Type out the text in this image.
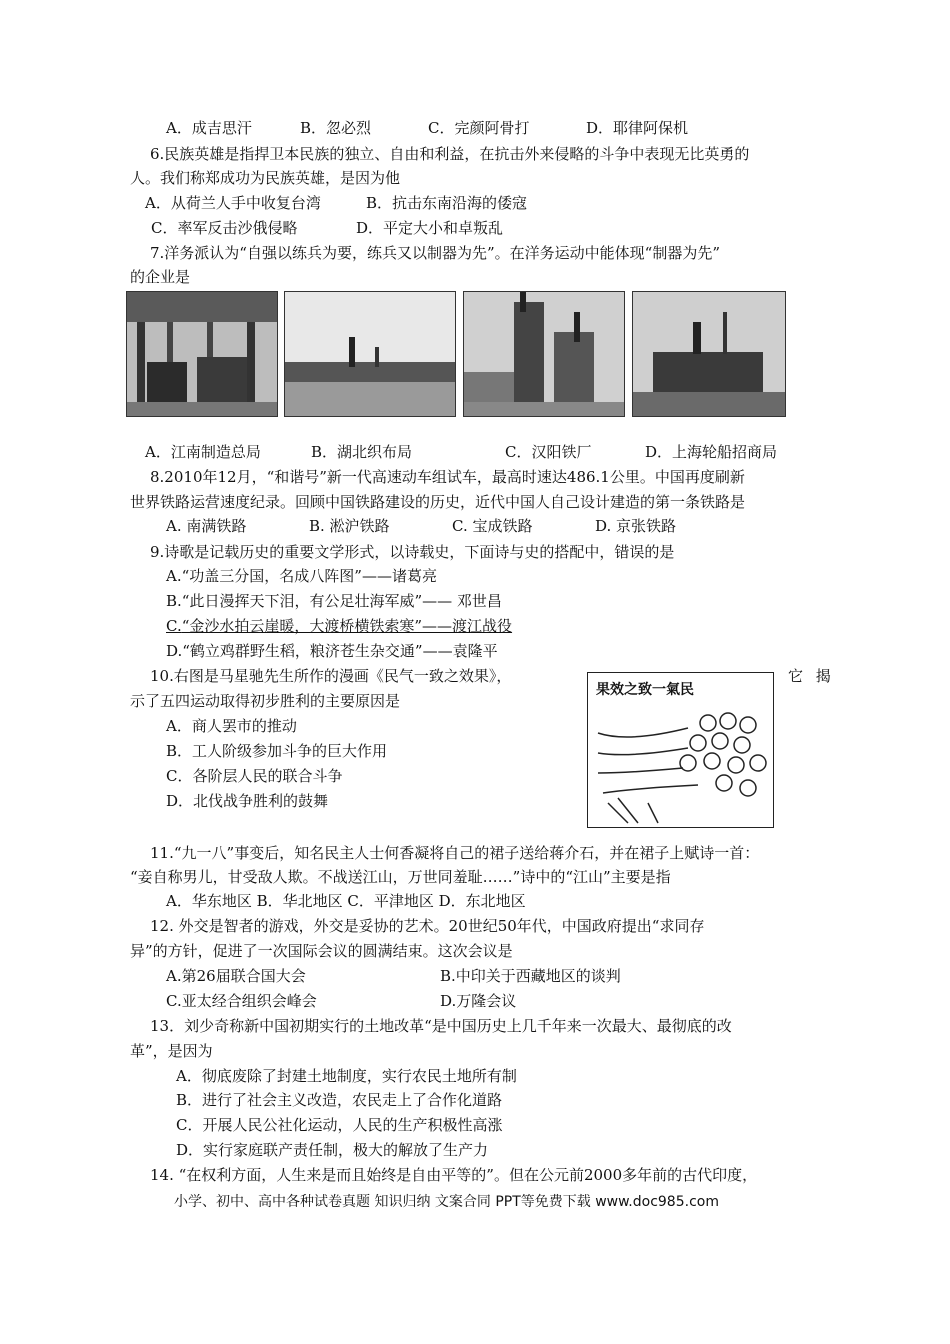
A．成吉思汗	B．忽必烈	C．完颜阿骨打	D．耶律阿保机
6.民族英雄是指捍卫本民族的独立、自由和利益，在抗击外来侵略的斗争中表现无比英勇的
人。我们称郑成功为民族英雄，是因为他
A．从荷兰人手中收复台湾	B．抗击东南沿海的倭寇
C．率军反击沙俄侵略	D．平定大小和卓叛乱
7.洋务派认为“自强以练兵为要，练兵又以制器为先”。在洋务运动中能体现“制器为先”
的企业是
A．江南制造总局	B．湖北织布局	C．汉阳铁厂	D．上海轮船招商局
8.2010年12月，“和谐号”新一代高速动车组试车，最高时速达486.1公里。中国再度刷新
世界铁路运营速度纪录。回顾中国铁路建设的历史，近代中国人自己设计建造的第一条铁路是
A. 南满铁路	B. 淞沪铁路	C. 宝成铁路	D. 京张铁路
9.诗歌是记载历史的重要文学形式，以诗载史，下面诗与史的搭配中，错误的是
A.“功盖三分国，名成八阵图”——诸葛亮
B.“此日漫挥天下泪，有公足壮海军威”—— 邓世昌
C.“金沙水拍云崖暖，大渡桥横铁索寒”——渡江战役
D.“鹤立鸡群野生稻，粮济苍生杂交通”——袁隆平
10.右图是马星驰先生所作的漫画《民气一致之效果》，	它 揭
示了五四运动取得初步胜利的主要原因是
A．商人罢市的推动
B．工人阶级参加斗争的巨大作用
C．各阶层人民的联合斗争
D．北伐战争胜利的鼓舞
果效之致一氣民
11.“九一八”事变后，知名民主人士何香凝将自己的裙子送给蒋介石，并在裙子上赋诗一首：
“妾自称男儿，甘受敌人欺。不战送江山，万世同羞耻……”诗中的“江山”主要是指
A．华东地区 B．华北地区 C．平津地区 D．东北地区
12. 外交是智者的游戏，外交是妥协的艺术。20世纪50年代，中国政府提出“求同存
异”的方针，促进了一次国际会议的圆满结束。这次会议是
A.第26届联合国大会	B.中印关于西藏地区的谈判
C.亚太经合组织会峰会	D.万隆会议
13．刘少奇称新中国初期实行的土地改革“是中国历史上几千年来一次最大、最彻底的改
革”，是因为
A．彻底废除了封建土地制度，实行农民土地所有制
B．进行了社会主义改造，农民走上了合作化道路
C．开展人民公社化运动，人民的生产积极性高涨
D．实行家庭联产责任制，极大的解放了生产力
14. “在权利方面，人生来是而且始终是自由平等的”。但在公元前2000多年前的古代印度，
小学、初中、高中各种试卷真题 知识归纳 文案合同 PPT等免费下载 www.doc985.com
